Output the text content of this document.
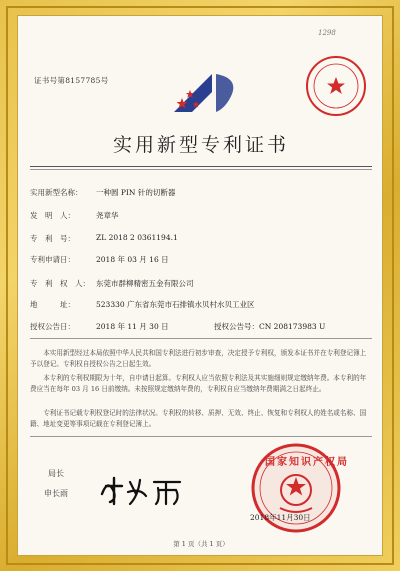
1298
证书号第8157785号
实用新型专利证书
实用新型名称： 一种圆 PIN 针的切断器
发　明　人：	尧章华
专　利　号：	ZL 2018 2 0361194.1
专利申请日：	2018 年 03 月 16 日
专　利　权　人： 东莞市群柳精密五金有限公司
地　　　址：	523330 广东省东莞市石排镇水贝村水贝工业区
授权公告日：	2018 年 11 月 30 日	授权公告号：CN 208173983 U
本实用新型经过本局依照中华人民共和国专利法进行初步审查，决定授予专利权，颁发本证书并在专利登记簿上予以登记。专利权自授权公告之日起生效。
本专利的专利权期限为十年，自申请日起算。专利权人应当依照专利法及其实施细则规定缴纳年费。本专利的年费应当在每年 03 月 16 日前缴纳。未按照规定缴纳年费的，专利权自应当缴纳年费期满之日起终止。
专利证书记载专利权登记时的法律状况。专利权的转移、质押、无效、终止、恢复和专利权人的姓名或名称、国籍、地址变更等事项记载在专利登记簿上。
局长
申长雨
国家知识产权局
2018年11月30日
第 1 页（共 1 页）
